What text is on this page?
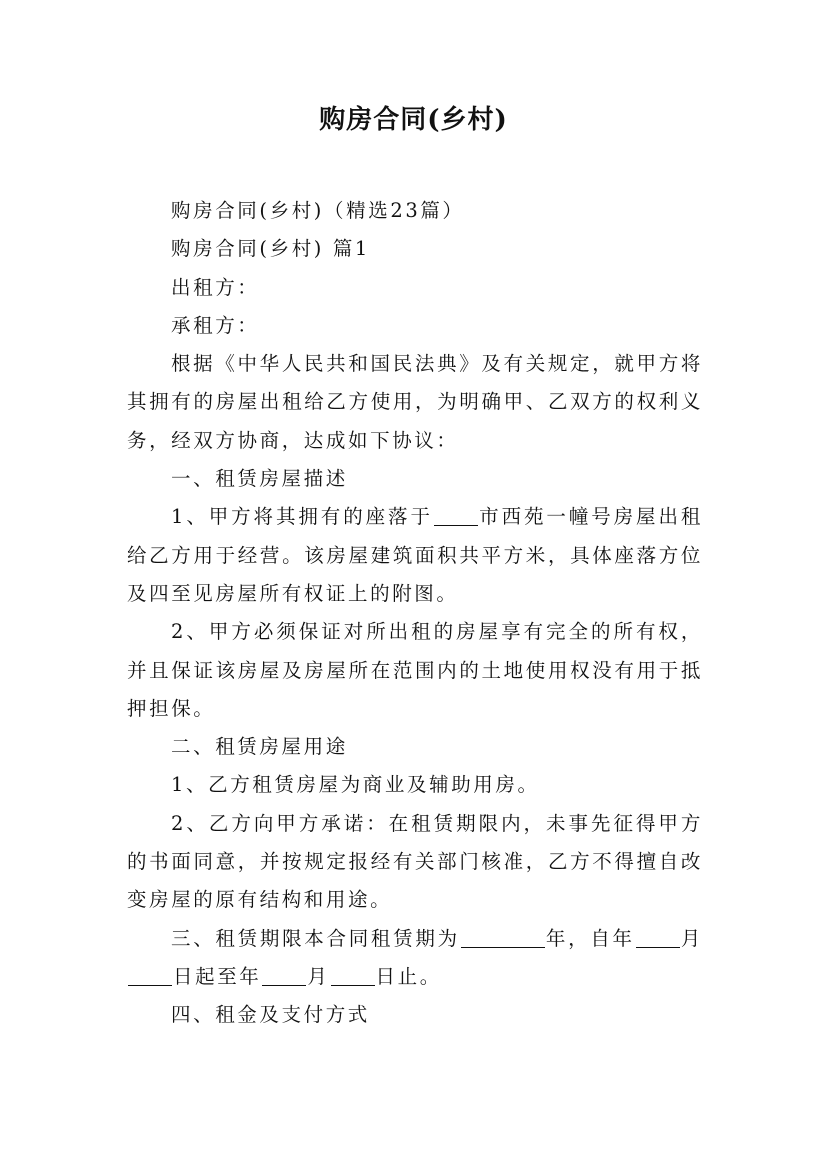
购房合同(乡村)

购房合同(乡村)（精选23篇）

购房合同(乡村) 篇1

出租方：

承租方：

根据《中华人民共和国民法典》及有关规定，就甲方将其拥有的房屋出租给乙方使用，为明确甲、乙双方的权利义务，经双方协商，达成如下协议：

一、租赁房屋描述

1、甲方将其拥有的座落于 市西苑一幢号房屋出租给乙方用于经营。该房屋建筑面积共平方米，具体座落方位及四至见房屋所有权证上的附图。

2、甲方必须保证对所出租的房屋享有完全的所有权，并且保证该房屋及房屋所在范围内的土地使用权没有用于抵押担保。

二、租赁房屋用途

1、乙方租赁房屋为商业及辅助用房。

2、乙方向甲方承诺：在租赁期限内，未事先征得甲方的书面同意，并按规定报经有关部门核准，乙方不得擅自改变房屋的原有结构和用途。

三、租赁期限本合同租赁期为	年，自年 月日起至年 月 日止。

四、租金及支付方式
